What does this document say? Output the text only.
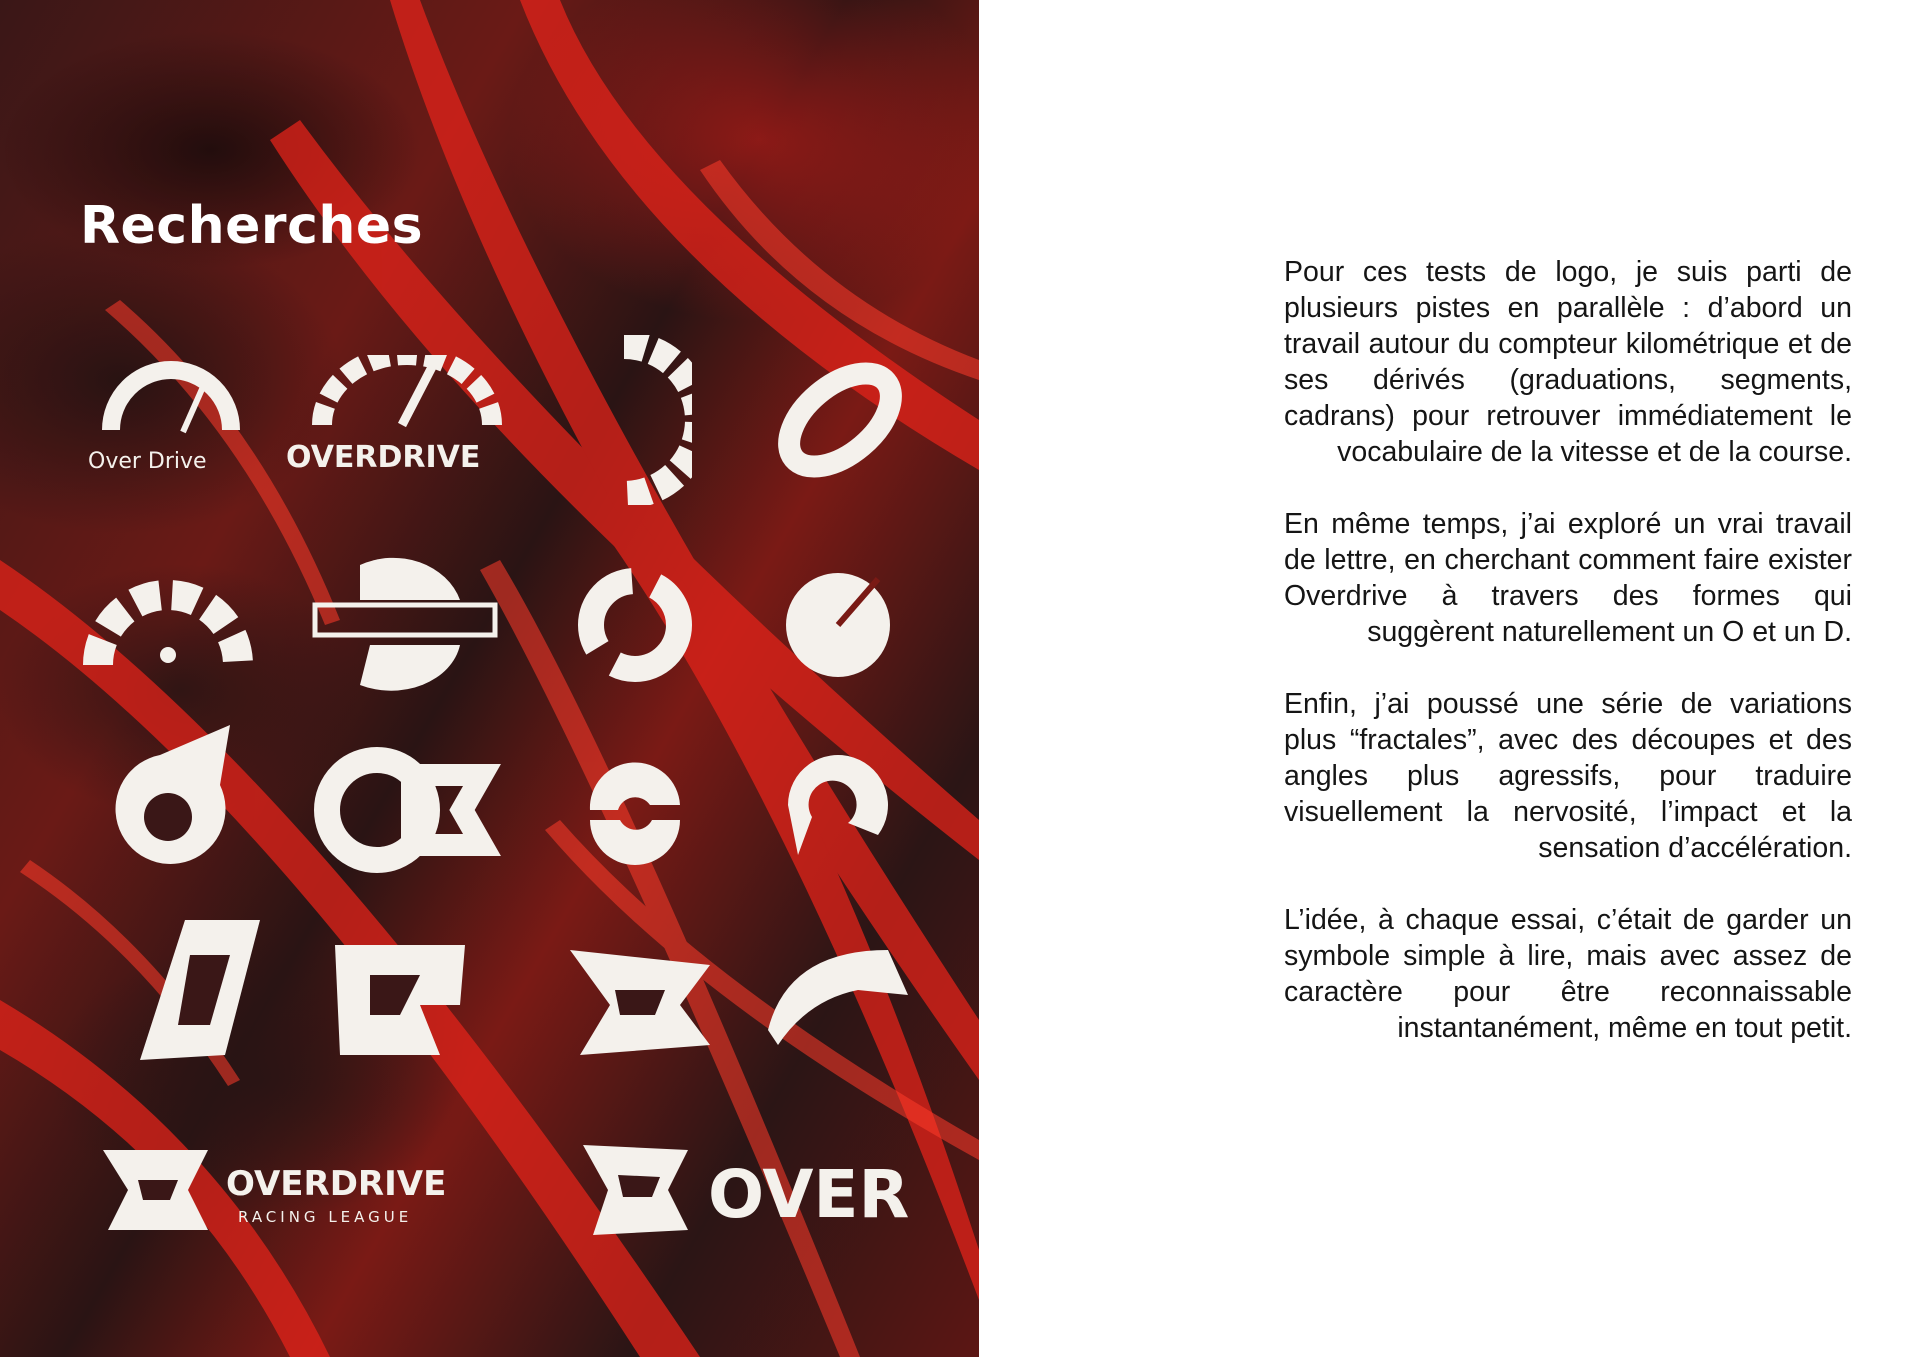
Recherches
Over Drive	OVERDRIVE
OVERDRIVE
RACING LEAGUE	OVER

Pour ces tests de logo, je suis parti de plusieurs pistes en parallèle : d’abord un travail autour du compteur kilométrique et de ses dérivés (graduations, segments, cadrans) pour retrouver immédiatement le vocabulaire de la vitesse et de la course.

En même temps, j’ai exploré un vrai travail de lettre, en cherchant comment faire exister Overdrive à travers des formes qui suggèrent naturellement un O et un D.

Enfin, j’ai poussé une série de variations plus “fractales”, avec des découpes et des angles plus agressifs, pour traduire visuellement la nervosité, l’impact et la sensation d’accélération.

L’idée, à chaque essai, c’était de garder un symbole simple à lire, mais avec assez de caractère pour être reconnaissable instantanément, même en tout petit.
